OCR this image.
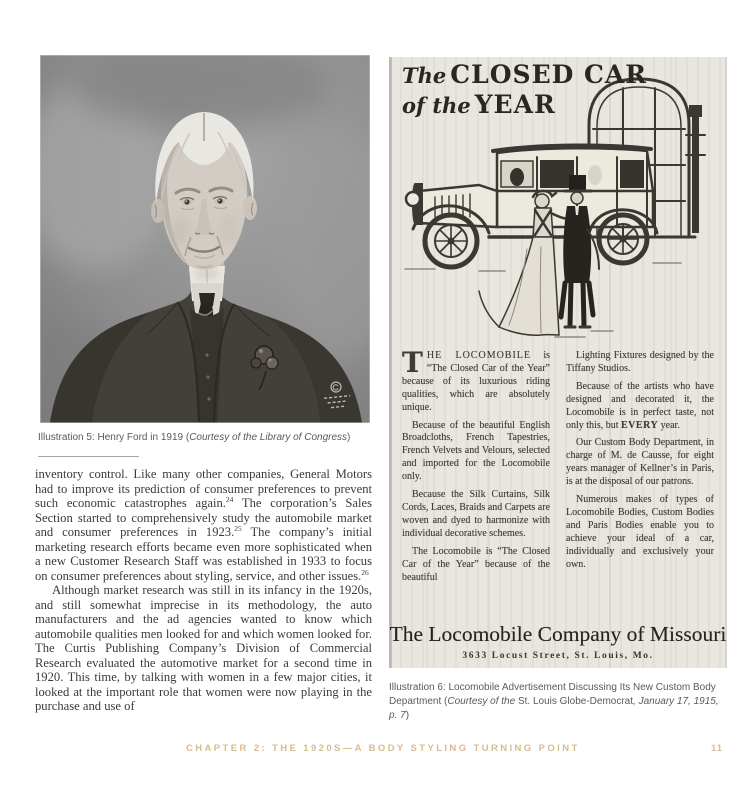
Illustration 5: Henry Ford in 1919 (Courtesy of the Library of Congress)

inventory control. Like many other companies, General Motors had to improve its prediction of consumer preferences to prevent such economic catastrophes again.$^{24}$ The corporation’s Sales Section started to comprehensively study the automobile market and consumer preferences in 1923.25 The company’s initial marketing research efforts became even more sophisticated when a new Customer Research Staff was established in 1933 to focus on consumer preferences about styling, service, and other issues.$^{26}$

Although market research was still in its infancy in the 1920s, and still somewhat imprecise in its methodology, the auto manufacturers and the ad agencies wanted to know which automobile qualities men looked for and which women looked for. The Curtis Publishing Company’s Division of Commercial Research evaluated the automotive market for a second time in 1920. This time, by talking with women in a few major cities, it looked at the important role that women were now playing in the purchase and use of

The CLOSED CAR
of the YEAR

THE LOCOMOBILE is “The Closed Car of the Year” because of its luxurious riding qualities, which are absolutely unique.

Because of the beautiful English Broadcloths, French Tapestries, French Velvets and Velours, selected and imported for the Locomobile only.

Because the Silk Curtains, Silk Cords, Laces, Braids and Carpets are woven and dyed to harmonize with individual decorative schemes.

The Locomobile is “The Closed Car of the Year” because of the beautiful

Lighting Fixtures designed by the Tiffany Studios.

Because of the artists who have designed and decorated it, the Locomobile is in perfect taste, not only this, but EVERY year.

Our Custom Body Department, in charge of M. de Causse, for eight years manager of Kellner’s in Paris, is at the disposal of our patrons.

Numerous makes of types of Locomobile Bodies, Custom Bodies and Paris Bodies enable you to achieve your ideal of a car, individually and exclusively your own.

The Locomobile Company of Missouri
3633 Locust Street, St. Louis, Mo.
Illustration 6: Locomobile Advertisement Discussing Its New Custom Body Department (Courtesy of the St. Louis Globe-Democrat, January 17, 1915, p. 7)
CHAPTER 2: THE 1920S—A BODY STYLING TURNING POINT	11
